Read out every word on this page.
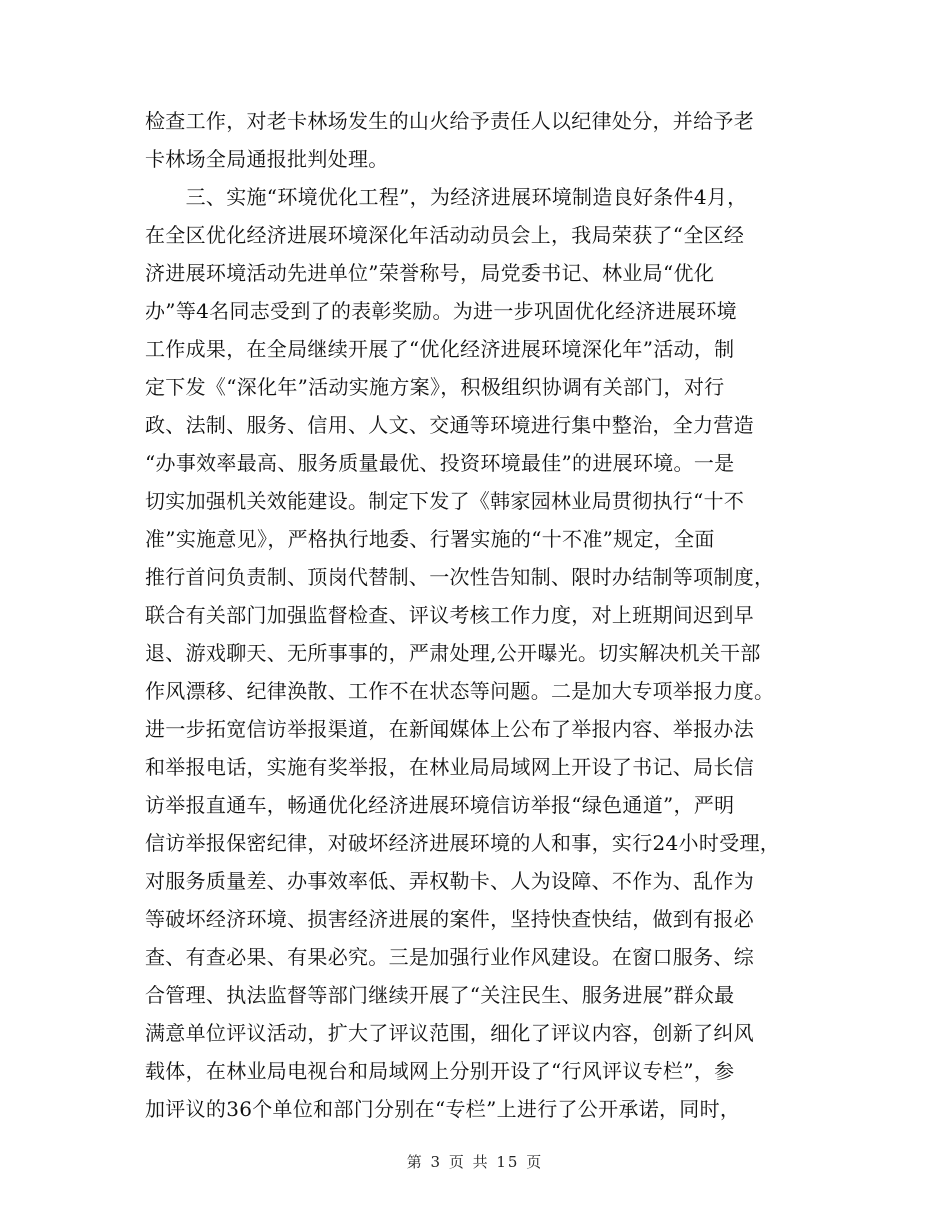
检查工作，对老卡林场发生的山火给予责任人以纪律处分，并给予老
卡林场全局通报批判处理。
　　三、实施“环境优化工程”，为经济进展环境制造良好条件4月，
在全区优化经济进展环境深化年活动动员会上，我局荣获了“全区经
济进展环境活动先进单位”荣誉称号，局党委书记、林业局“优化
办”等4名同志受到了的表彰奖励。为进一步巩固优化经济进展环境
工作成果，在全局继续开展了“优化经济进展环境深化年”活动，制
定下发《“深化年”活动实施方案》，积极组织协调有关部门，对行
政、法制、服务、信用、人文、交通等环境进行集中整治，全力营造
“办事效率最高、服务质量最优、投资环境最佳”的进展环境。一是
切实加强机关效能建设。制定下发了《韩家园林业局贯彻执行“十不
准”实施意见》，严格执行地委、行署实施的“十不准”规定，全面
推行首问负责制、顶岗代替制、一次性告知制、限时办结制等项制度，
联合有关部门加强监督检查、评议考核工作力度，对上班期间迟到早
退、游戏聊天、无所事事的，严肃处理,公开曝光。切实解决机关干部
作风漂移、纪律涣散、工作不在状态等问题。二是加大专项举报力度。
进一步拓宽信访举报渠道，在新闻媒体上公布了举报内容、举报办法
和举报电话，实施有奖举报，在林业局局域网上开设了书记、局长信
访举报直通车，畅通优化经济进展环境信访举报“绿色通道”，严明
信访举报保密纪律，对破坏经济进展环境的人和事，实行24小时受理，
对服务质量差、办事效率低、弄权勒卡、人为设障、不作为、乱作为
等破坏经济环境、损害经济进展的案件，坚持快查快结，做到有报必
查、有查必果、有果必究。三是加强行业作风建设。在窗口服务、综
合管理、执法监督等部门继续开展了“关注民生、服务进展”群众最
满意单位评议活动，扩大了评议范围，细化了评议内容，创新了纠风
载体，在林业局电视台和局域网上分别开设了“行风评议专栏”，参
加评议的36个单位和部门分别在“专栏”上进行了公开承诺，同时，
第 3 页 共 15 页
